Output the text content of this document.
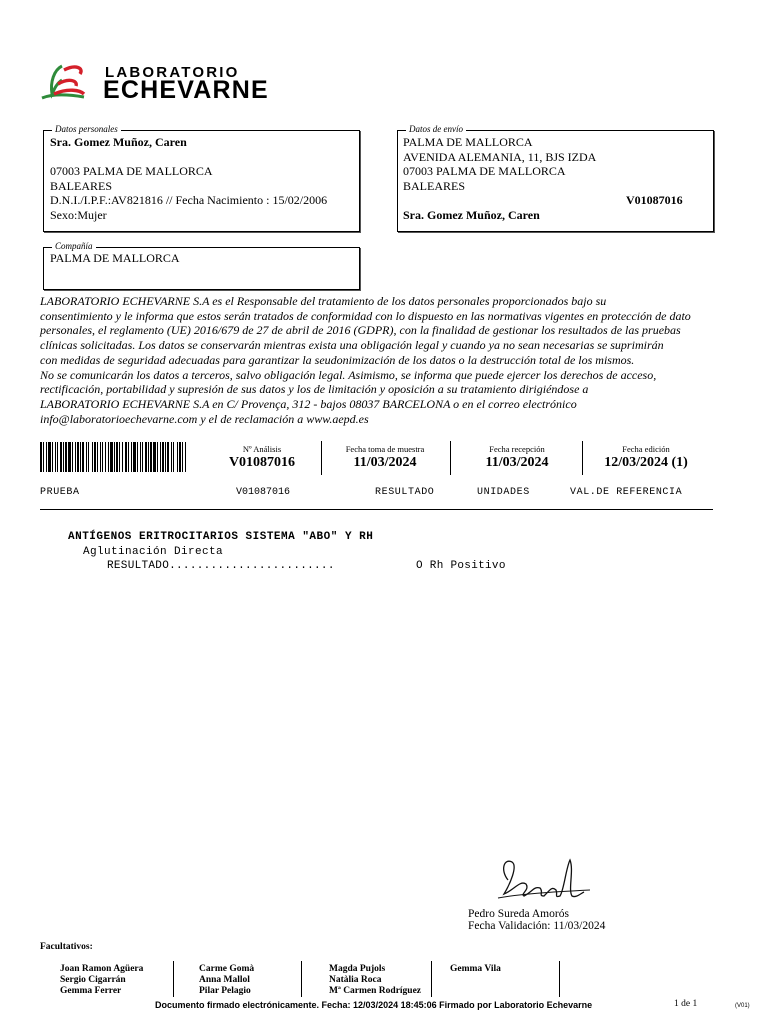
LABORATORIO
ECHEVARNE
Datos personales
Sra. Gomez Muñoz, Caren
07003 PALMA DE MALLORCA
BALEARES
D.N.I./I.P.F.:AV821816 // Fecha Nacimiento : 15/02/2006
Sexo:Mujer
Datos de envío
PALMA DE MALLORCA
AVENIDA ALEMANIA, 11, BJS IZDA
07003 PALMA DE MALLORCA
BALEARES
V01087016
Sra. Gomez Muñoz, Caren
Compañía
PALMA DE MALLORCA
LABORATORIO ECHEVARNE S.A es el Responsable del tratamiento de los datos personales proporcionados bajo su
consentimiento y le informa que estos serán tratados de conformidad con lo dispuesto en las normativas vigentes en protección de dato
personales, el reglamento (UE) 2016/679 de 27 de abril de 2016 (GDPR), con la finalidad de gestionar los resultados de las pruebas
clínicas solicitadas. Los datos se conservarán mientras exista una obligación legal y cuando ya no sean necesarias se suprimirán
con medidas de seguridad adecuadas para garantizar la seudonimización de los datos o la destrucción total de los mismos.
No se comunicarán los datos a terceros, salvo obligación legal. Asimismo, se informa que puede ejercer los derechos de acceso,
rectificación, portabilidad y supresión de sus datos y los de limitación y oposición a su tratamiento dirigiéndose a
LABORATORIO ECHEVARNE S.A en C/ Provença, 312 - bajos 08037 BARCELONA o en el correo electrónico
info@laboratorioechevarne.com y el de reclamación a www.aepd.es
Nº Análisis
V01087016
Fecha toma de muestra
11/03/2024
Fecha recepción
11/03/2024
Fecha edición
12/03/2024 (1)
PRUEBA	V01087016	RESULTADO	UNIDADES	VAL.DE REFERENCIA
ANTÍGENOS ERITROCITARIOS SISTEMA "ABO" Y RH
Aglutinación Directa
RESULTADO........................	O Rh Positivo
Pedro Sureda Amorós
Fecha Validación: 11/03/2024
Facultativos:
Joan Ramon Agüera
Sergio Cigarrán
Gemma Ferrer
Carme Gomà
Anna Mallol
Pilar Pelagio
Magda Pujols
Natàlia Roca
Mª Carmen Rodríguez
Gemma Vila
Documento firmado electrónicamente. Fecha: 12/03/2024 18:45:06 Firmado por Laboratorio Echevarne	1 de 1	(V01)
